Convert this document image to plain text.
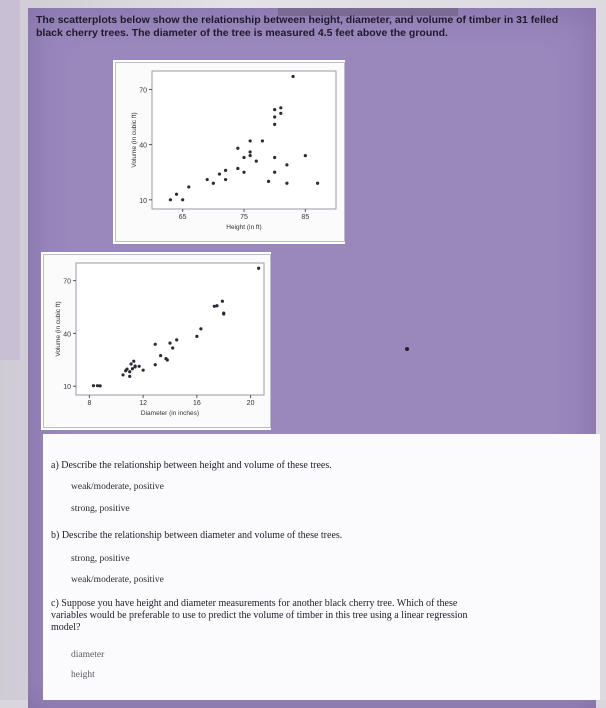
The scatterplots below show the relationship between height, diameter, and volume of timber in 31 felled
black cherry trees. The diameter of the tree is measured 4.5 feet above the ground.
10
40
70
65	75	85
Height (in ft)
Volume (in cubic ft)
10
40
70
8	12	16	20
Diameter (in inches)
Volume (in cubic ft)
a) Describe the relationship between height and volume of these trees.
weak/moderate, positive
strong, positive
b) Describe the relationship between diameter and volume of these trees.
strong, positive
weak/moderate, positive
c) Suppose you have height and diameter measurements for another black cherry tree. Which of these
variables would be preferable to use to predict the volume of timber in this tree using a linear regression
model?
diameter
height
